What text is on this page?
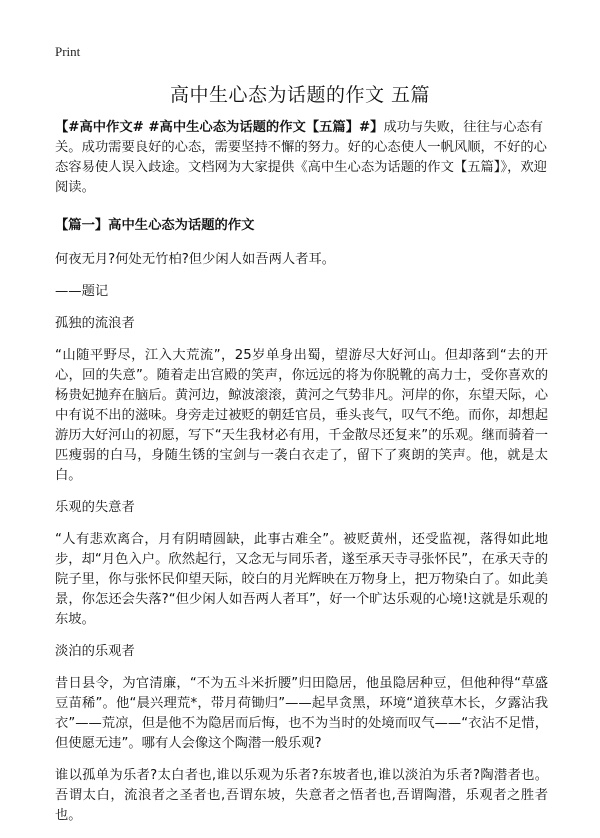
Print
高中生心态为话题的作文 五篇

【#高中作文# #高中生心态为话题的作文【五篇】#】成功与失败，往往与心态有关。成功需要良好的心态，需要坚持不懈的努力。好的心态使人一帆风顺，不好的心态容易使人误入歧途。文档网为大家提供《高中生心态为话题的作文【五篇】》，欢迎阅读。

【篇一】高中生心态为话题的作文

何夜无月?何处无竹柏?但少闲人如吾两人者耳。

——题记

孤独的流浪者

“山随平野尽，江入大荒流”，25岁单身出蜀，望游尽大好河山。但却落到“去的开心，回的失意”。随着走出宫殿的笑声，你远远的将为你脱靴的高力士，受你喜欢的杨贵妃抛弃在脑后。黄河边，鲸波滚滚，黄河之气势非凡。河岸的你，东望天际，心中有说不出的滋味。身旁走过被贬的朝廷官员，垂头丧气，叹气不绝。而你，却想起游历大好河山的初愿，写下“天生我材必有用，千金散尽还复来”的乐观。继而骑着一匹瘦弱的白马，身随生锈的宝剑与一袭白衣走了，留下了爽朗的笑声。他，就是太白。

乐观的失意者

“人有悲欢离合，月有阴晴圆缺，此事古难全”。被贬黄州，还受监视，落得如此地步，却“月色入户。欣然起行，又念无与同乐者，遂至承天寺寻张怀民”，在承天寺的院子里，你与张怀民仰望天际，皎白的月光辉映在万物身上，把万物染白了。如此美景，你怎还会失落?“但少闲人如吾两人者耳”，好一个旷达乐观的心境!这就是乐观的东坡。

淡泊的乐观者

昔日县令，为官清廉，“不为五斗米折腰”归田隐居，他虽隐居种豆，但他种得“草盛豆苗稀”。他“晨兴理荒*，带月荷锄归”——起早贪黑，环境“道狭草木长，夕露沾我衣”——荒凉，但是他不为隐居而后悔，也不为当时的处境而叹气——“衣沾不足惜，但使愿无违”。哪有人会像这个陶潜一般乐观?

谁以孤单为乐者?太白者也,谁以乐观为乐者?东坡者也,谁以淡泊为乐者?陶潜者也。吾谓太白，流浪者之圣者也,吾谓东坡，失意者之悟者也,吾谓陶潜，乐观者之胜者也。
